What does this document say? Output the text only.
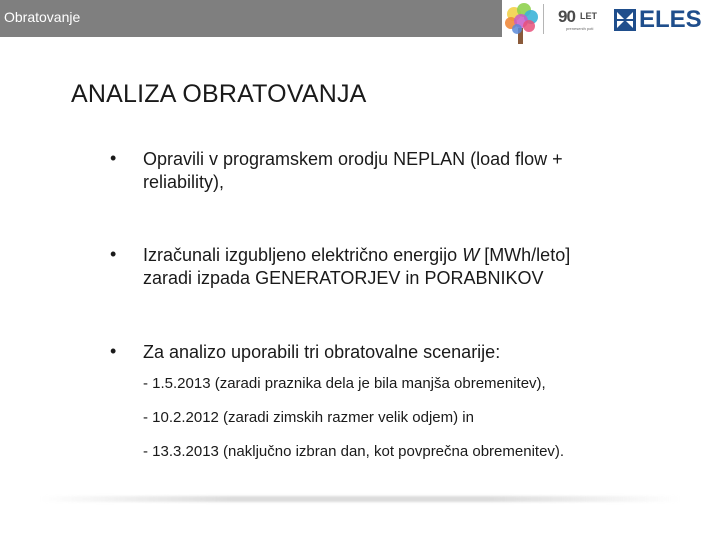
Obratovanje	90 LET
prenesenih poti ELES
ANALIZA OBRATOVANJA
• Opravili v programskem orodju NEPLAN (load flow +
reliability),
• Izračunali izgubljeno električno energijo W [MWh/leto]
zaradi izpada GENERATORJEV in PORABNIKOV
• Za analizo uporabili tri obratovalne scenarije:
- 1.5.2013 (zaradi praznika dela je bila manjša obremenitev),
- 10.2.2012 (zaradi zimskih razmer velik odjem) in
- 13.3.2013 (naključno izbran dan, kot povprečna obremenitev).
